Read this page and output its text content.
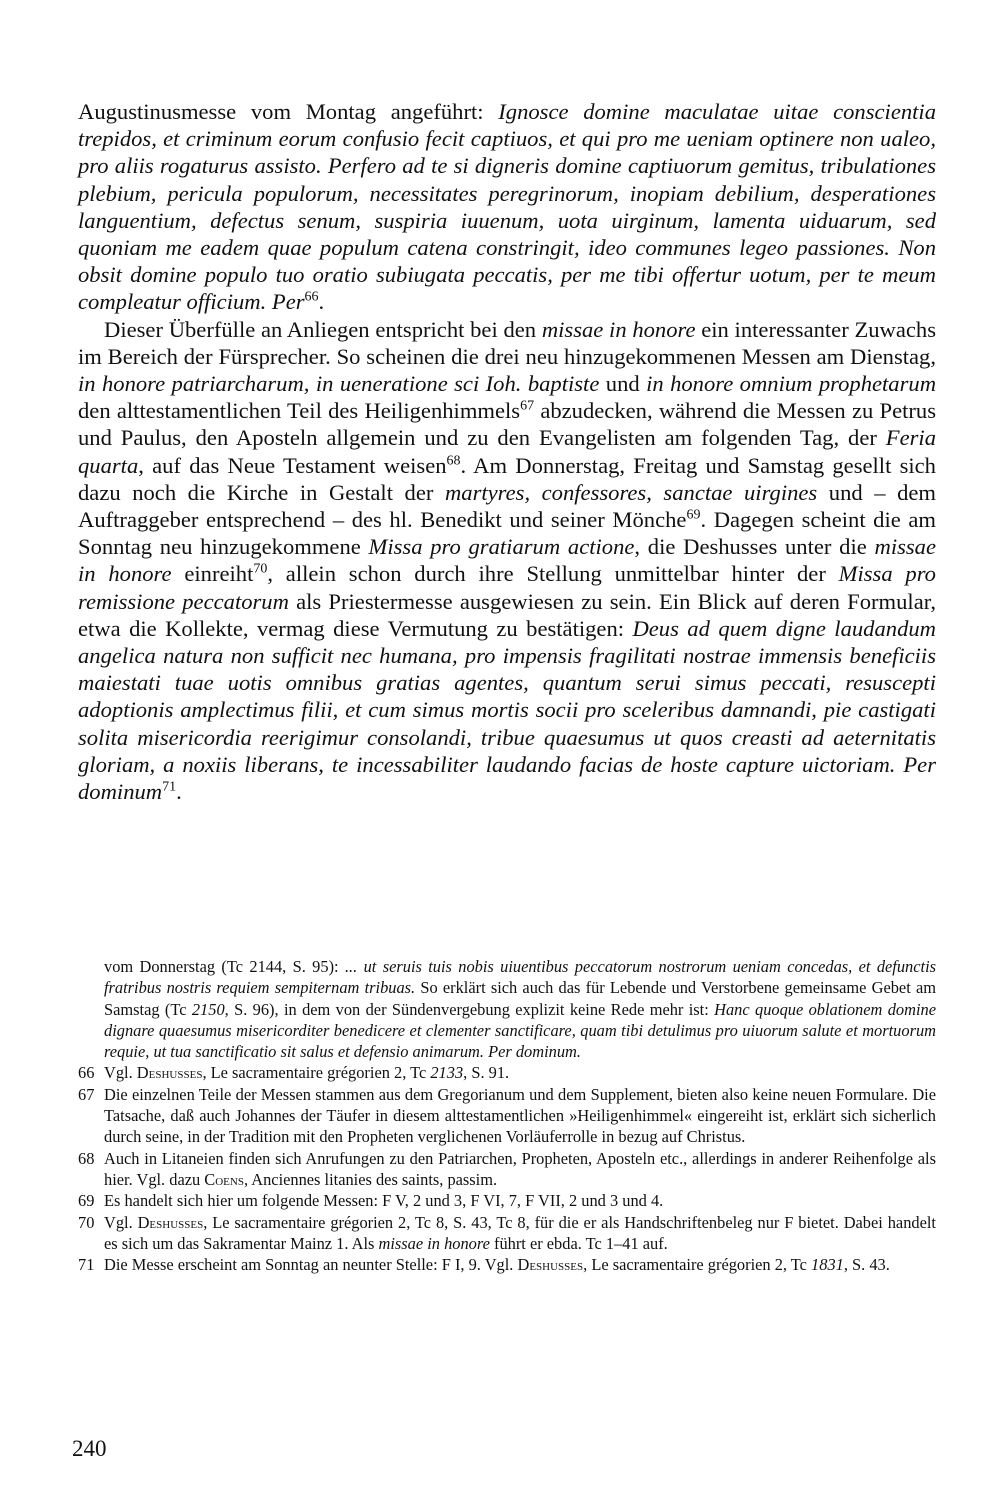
Augustinusmesse vom Montag angeführt: Ignosce domine maculatae uitae conscientia trepidos, et criminum eorum confusio fecit captiuos, et qui pro me ueniam optinere non ualeo, pro aliis rogaturus assisto. Perfero ad te si digneris domine captiuorum gemitus, tribulationes plebium, pericula populorum, necessitates peregrinorum, inopiam debilium, desperationes languentium, defectus senum, suspiria iuuenum, uota uirginum, lamenta uiduarum, sed quoniam me eadem quae populum catena constringit, ideo communes legeo passiones. Non obsit domine populo tuo oratio subiugata peccatis, per me tibi offertur uotum, per te meum compleatur officium. Per$^{66}$.

Dieser Überfülle an Anliegen entspricht bei den missae in honore ein interessanter Zuwachs im Bereich der Fürsprecher. So scheinen die drei neu hinzugekommenen Messen am Dienstag, in honore patriarcharum, in ueneratione sci Ioh. baptiste und in honore omnium prophetarum den alttestamentlichen Teil des Heiligenhimmels$^{67}$ abzudecken, während die Messen zu Petrus und Paulus, den Aposteln allgemein und zu den Evangelisten am folgenden Tag, der Feria quarta, auf das Neue Testament weisen$^{68}$. Am Donnerstag, Freitag und Samstag gesellt sich dazu noch die Kirche in Gestalt der martyres, confessores, sanctae uirgines und – dem Auftraggeber entsprechend – des hl. Benedikt und seiner Mönche$^{69}$. Dagegen scheint die am Sonntag neu hinzugekommene Missa pro gratiarum actione, die Deshusses unter die missae in honore einreiht$^{70}$, allein schon durch ihre Stellung unmittelbar hinter der Missa pro remissione peccatorum als Priestermesse ausgewiesen zu sein. Ein Blick auf deren Formular, etwa die Kollekte, vermag diese Vermutung zu bestätigen: Deus ad quem digne laudandum angelica natura non sufficit nec humana, pro impensis fragilitati nostrae immensis beneficiis maiestati tuae uotis omnibus gratias agentes, quantum serui simus peccati, resuscepti adoptionis amplectimus filii, et cum simus mortis socii pro sceleribus damnandi, pie castigati solita misericordia reerigimur consolandi, tribue quaesumus ut quos creasti ad aeternitatis gloriam, a noxiis liberans, te incessabiliter laudando facias de hoste capture uictoriam. Per dominum$^{71}$.

vom Donnerstag (Tc 2144, S. 95): ... ut seruis tuis nobis uiuentibus peccatorum nostrorum ueniam concedas, et defunctis fratribus nostris requiem sempiternam tribuas. So erklärt sich auch das für Lebende und Verstorbene gemeinsame Gebet am Samstag (Tc 2150, S. 96), in dem von der Sündenvergebung explizit keine Rede mehr ist: Hanc quoque oblationem domine dignare quaesumus misericorditer benedicere et clementer sanctificare, quam tibi detulimus pro uiuorum salute et mortuorum requie, ut tua sanctificatio sit salus et defensio animarum. Per dominum.

66 Vgl. Deshusses, Le sacramentaire grégorien 2, Tc 2133, S. 91.
67 Die einzelnen Teile der Messen stammen aus dem Gregorianum und dem Supplement, bieten also keine neuen Formulare. Die Tatsache, daß auch Johannes der Täufer in diesem alttestamentlichen »Heiligenhimmel« eingereiht ist, erklärt sich sicherlich durch seine, in der Tradition mit den Propheten verglichenen Vorläuferrolle in bezug auf Christus.
68 Auch in Litaneien finden sich Anrufungen zu den Patriarchen, Propheten, Aposteln etc., allerdings in anderer Reihenfolge als hier. Vgl. dazu Coens, Anciennes litanies des saints, passim.
69 Es handelt sich hier um folgende Messen: F V, 2 und 3, F VI, 7, F VII, 2 und 3 und 4.
70 Vgl. Deshusses, Le sacramentaire grégorien 2, Tc 8, S. 43, Tc 8, für die er als Handschriftenbeleg nur F bietet. Dabei handelt es sich um das Sakramentar Mainz 1. Als missae in honore führt er ebda. Tc 1–41 auf.
71 Die Messe erscheint am Sonntag an neunter Stelle: F I, 9. Vgl. Deshusses, Le sacramentaire grégorien 2, Tc 1831, S. 43.
240
